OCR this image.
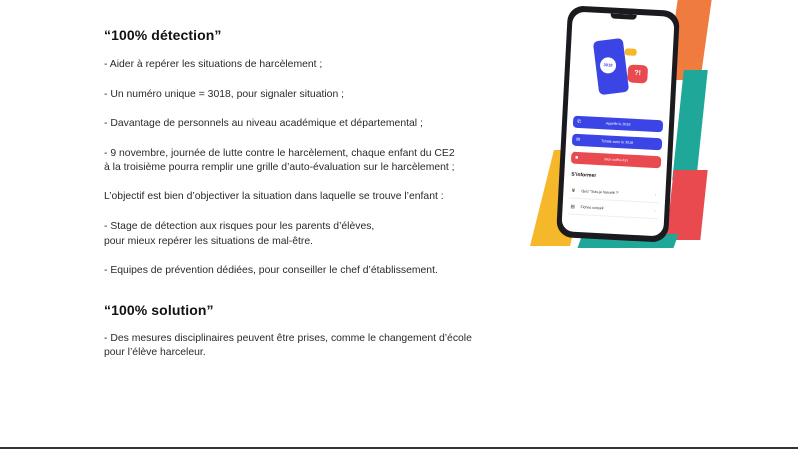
“100% détection”
- Aider à repérer les situations de harcèlement ;
- Un numéro unique = 3018, pour signaler situation ;
- Davantage de personnels au niveau académique et départemental ;
- 9 novembre, journée de lutte contre le harcèlement, chaque enfant du CE2
à la troisième pourra remplir une grille d’auto-évaluation sur le harcèlement ;
L’objectif est bien d’objectiver la situation dans laquelle se trouve l’enfant :
- Stage de détection aux risques pour les parents d’élèves,
pour mieux repérer les situations de mal-être.
- Equipes de prévention dédiées, pour conseiller le chef d’établissement.
“100% solution”
- Des mesures disciplinaires peuvent être prises, comme le changement d’école
pour l’élève harceleur.
3018
?!
✆	Appelle le 3018
✉	Tchate avec le 3018
■	Mon coffre-fort
S’informer
♛ Quiz “Suis-je harcelé ?”	›
▤ Fiches conseil
›
